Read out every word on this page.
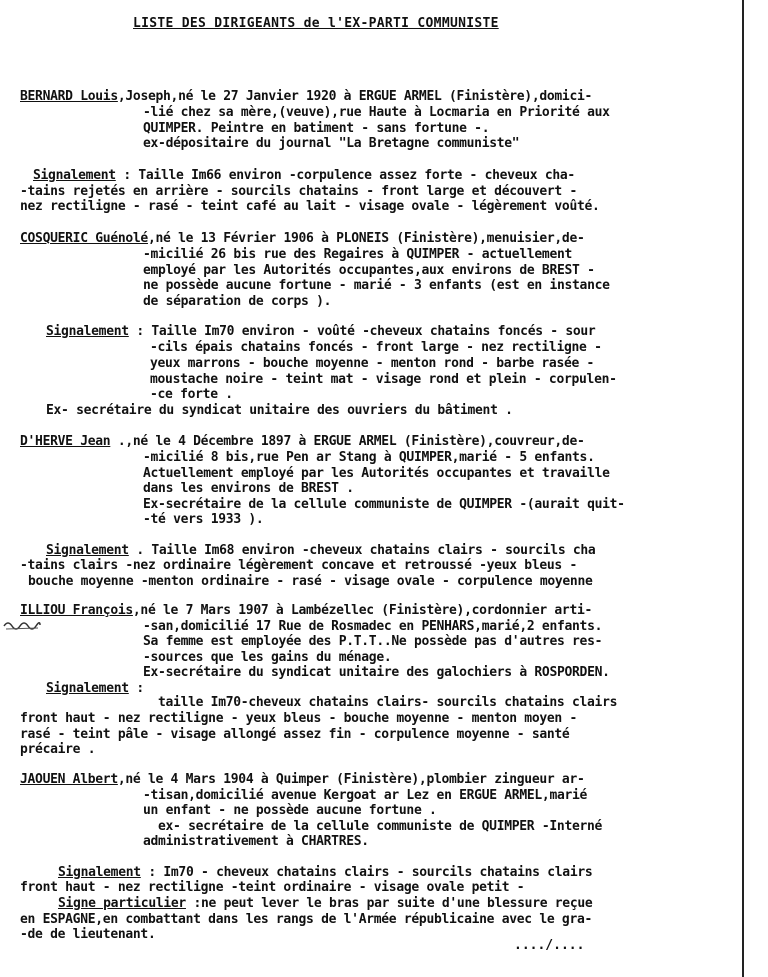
LISTE DES DIRIGEANTS de l'EX-PARTI COMMUNISTE
BERNARD Louis,Joseph,né le 27 Janvier 1920 à ERGUE ARMEL (Finistère),domici-
-lié chez sa mère,(veuve),rue Haute à Locmaria en Priorité aux
QUIMPER. Peintre en batiment - sans fortune -.
ex-dépositaire du journal "La Bretagne communiste"
Signalement : Taille Im66 environ -corpulence assez forte - cheveux cha-
-tains rejetés en arrière - sourcils chatains - front large et découvert -
nez rectiligne - rasé - teint café au lait - visage ovale - légèrement voûté.
COSQUERIC Guénolé,né le 13 Février 1906 à PLONEIS (Finistère),menuisier,de-
-micilié 26 bis rue des Regaires à QUIMPER - actuellement
employé par les Autorités occupantes,aux environs de BREST -
ne possède aucune fortune - marié - 3 enfants (est en instance
de séparation de corps ).
Signalement : Taille Im70 environ - voûté -cheveux chatains foncés - sour
-cils épais chatains foncés - front large - nez rectiligne -
yeux marrons - bouche moyenne - menton rond - barbe rasée -
moustache noire - teint mat - visage rond et plein - corpulen-
-ce forte .
Ex- secrétaire du syndicat unitaire des ouvriers du bâtiment .
D'HERVE Jean .,né le 4 Décembre 1897 à ERGUE ARMEL (Finistère),couvreur,de-
-micilié 8 bis,rue Pen ar Stang à QUIMPER,marié - 5 enfants.
Actuellement employé par les Autorités occupantes et travaille
dans les environs de BREST .
Ex-secrétaire de la cellule communiste de QUIMPER -(aurait quit-
-té vers 1933 ).
Signalement . Taille Im68 environ -cheveux chatains clairs - sourcils cha
-tains clairs -nez ordinaire légèrement concave et retroussé -yeux bleus -
bouche moyenne -menton ordinaire - rasé - visage ovale - corpulence moyenne
ILLIOU François,né le 7 Mars 1907 à Lambézellec (Finistère),cordonnier arti-
-san,domicilié 17 Rue de Rosmadec en PENHARS,marié,2 enfants.
Sa femme est employée des P.T.T..Ne possède pas d'autres res-
-sources que les gains du ménage.
Ex-secrétaire du syndicat unitaire des galochiers à ROSPORDEN.
Signalement :
taille Im70-cheveux chatains clairs- sourcils chatains clairs
front haut - nez rectiligne - yeux bleus - bouche moyenne - menton moyen -
rasé - teint pâle - visage allongé assez fin - corpulence moyenne - santé
précaire .
JAOUEN Albert,né le 4 Mars 1904 à Quimper (Finistère),plombier zingueur ar-
-tisan,domicilié avenue Kergoat ar Lez en ERGUE ARMEL,marié
un enfant - ne possède aucune fortune .
ex- secrétaire de la cellule communiste de QUIMPER -Interné
administrativement à CHARTRES.
Signalement : Im70 - cheveux chatains clairs - sourcils chatains clairs
front haut - nez rectiligne -teint ordinaire - visage ovale petit -
Signe particulier :ne peut lever le bras par suite d'une blessure reçue
en ESPAGNE,en combattant dans les rangs de l'Armée républicaine avec le gra-
-de de lieutenant.
..../....
